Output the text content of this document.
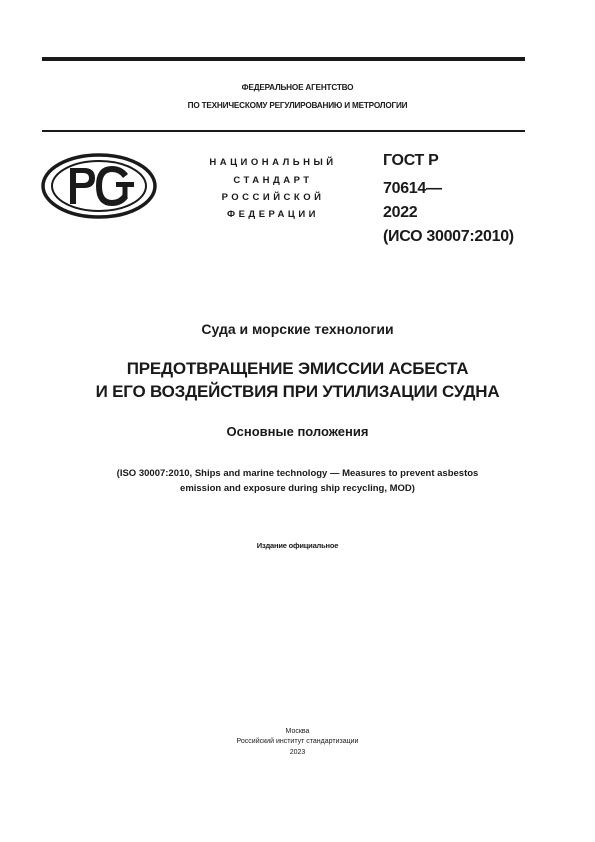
ФЕДЕРАЛЬНОЕ АГЕНТСТВО
ПО ТЕХНИЧЕСКОМУ РЕГУЛИРОВАНИЮ И МЕТРОЛОГИИ
НАЦИОНАЛЬНЫЙ
СТАНДАРТ
РОССИЙСКОЙ
ФЕДЕРАЦИИ
ГОСТ Р
70614—
2022
(ИСО 30007:2010)
Суда и морские технологии
ПРЕДОТВРАЩЕНИЕ ЭМИССИИ АСБЕСТА
И ЕГО ВОЗДЕЙСТВИЯ ПРИ УТИЛИЗАЦИИ СУДНА
Основные положения
(ISO 30007:2010, Ships and marine technology — Measures to prevent asbestos
emission and exposure during ship recycling, MOD)
Издание официальное
Москва
Российский институт стандартизации
2023
